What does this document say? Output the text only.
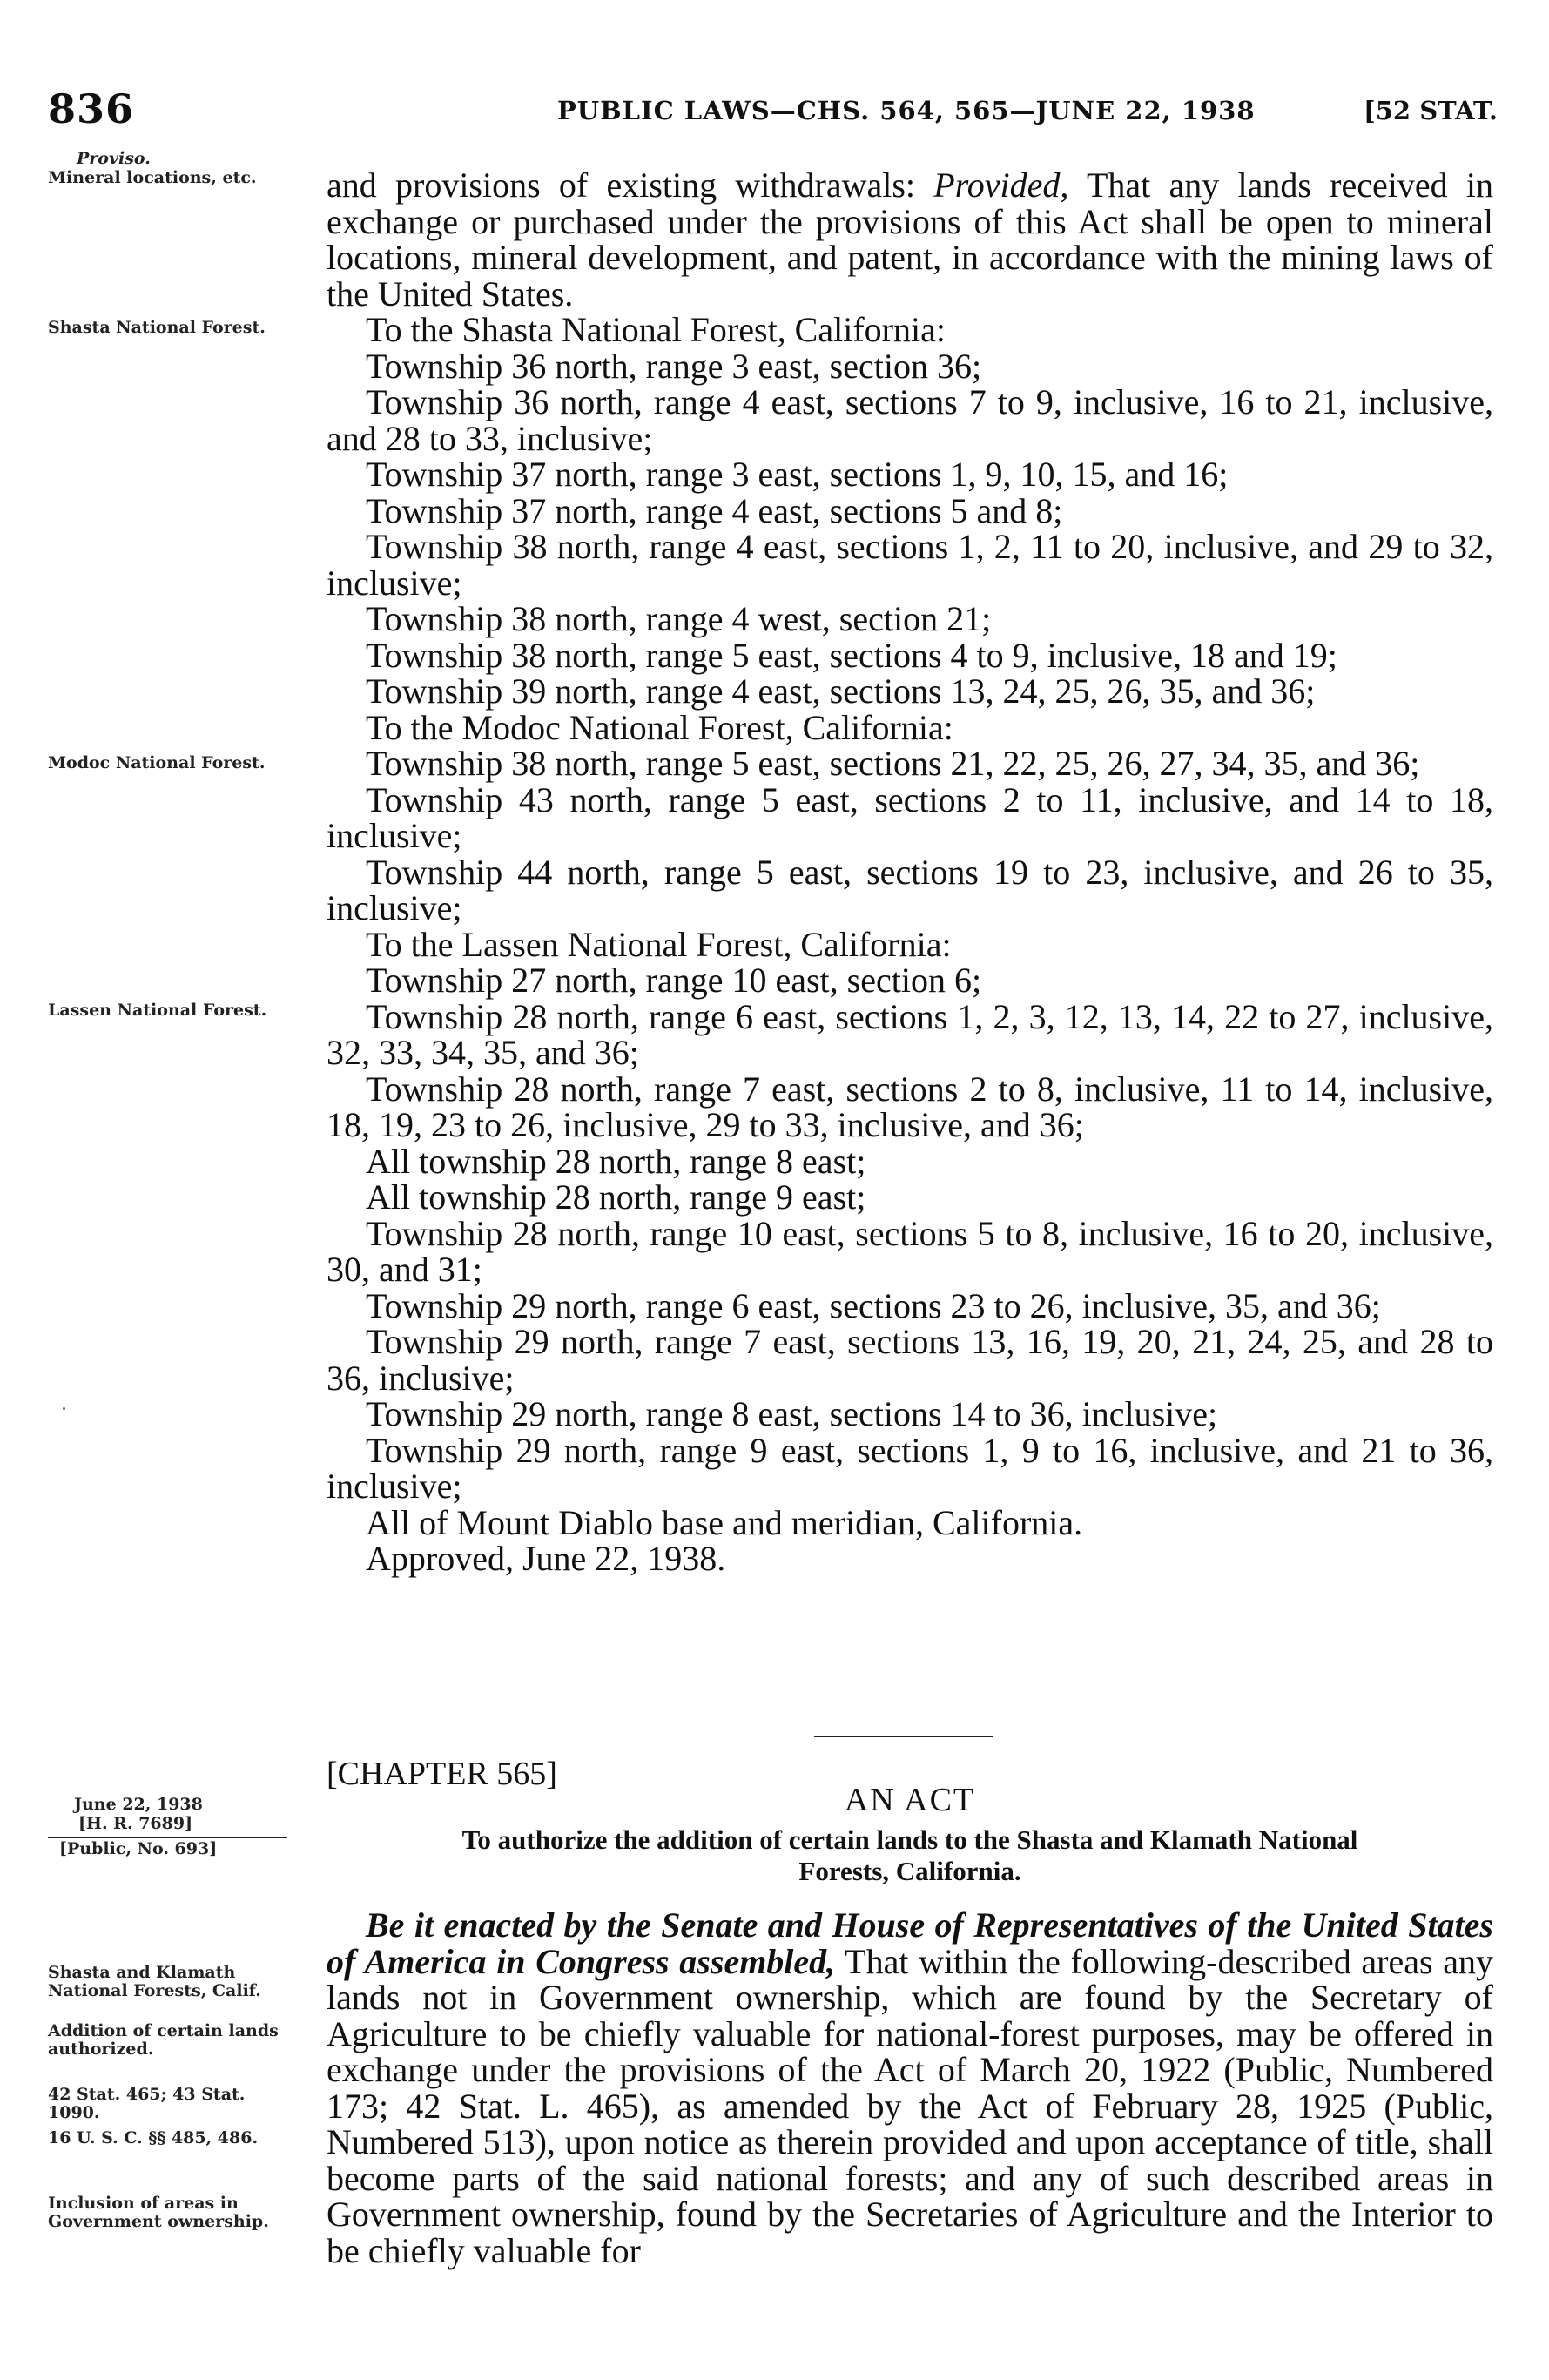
836	PUBLIC LAWS—CHS. 564, 565—JUNE 22, 1938	[52 STAT.
Proviso.
Mineral locations, etc.
Shasta National Forest.
Modoc National Forest.
Lassen National Forest.
June 22, 1938
[H. R. 7689]
[Public, No. 693]
Shasta and Klamath National Forests, Calif.
Addition of certain lands authorized.
42 Stat. 465; 43 Stat. 1090.
16 U. S. C. §§ 485, 486.
Inclusion of areas in Government ownership.

and provisions of existing withdrawals: Provided, That any lands received in exchange or purchased under the provisions of this Act shall be open to mineral locations, mineral development, and patent, in accordance with the mining laws of the United States.

To the Shasta National Forest, California:

Township 36 north, range 3 east, section 36;

Township 36 north, range 4 east, sections 7 to 9, inclusive, 16 to 21, inclusive, and 28 to 33, inclusive;

Township 37 north, range 3 east, sections 1, 9, 10, 15, and 16;

Township 37 north, range 4 east, sections 5 and 8;

Township 38 north, range 4 east, sections 1, 2, 11 to 20, inclusive, and 29 to 32, inclusive;

Township 38 north, range 4 west, section 21;

Township 38 north, range 5 east, sections 4 to 9, inclusive, 18 and 19;

Township 39 north, range 4 east, sections 13, 24, 25, 26, 35, and 36;

To the Modoc National Forest, California:

Township 38 north, range 5 east, sections 21, 22, 25, 26, 27, 34, 35, and 36;

Township 43 north, range 5 east, sections 2 to 11, inclusive, and 14 to 18, inclusive;

Township 44 north, range 5 east, sections 19 to 23, inclusive, and 26 to 35, inclusive;

To the Lassen National Forest, California:

Township 27 north, range 10 east, section 6;

Township 28 north, range 6 east, sections 1, 2, 3, 12, 13, 14, 22 to 27, inclusive, 32, 33, 34, 35, and 36;

Township 28 north, range 7 east, sections 2 to 8, inclusive, 11 to 14, inclusive, 18, 19, 23 to 26, inclusive, 29 to 33, inclusive, and 36;

All township 28 north, range 8 east;

All township 28 north, range 9 east;

Township 28 north, range 10 east, sections 5 to 8, inclusive, 16 to 20, inclusive, 30, and 31;

Township 29 north, range 6 east, sections 23 to 26, inclusive, 35, and 36;

Township 29 north, range 7 east, sections 13, 16, 19, 20, 21, 24, 25, and 28 to 36, inclusive;

Township 29 north, range 8 east, sections 14 to 36, inclusive;

Township 29 north, range 9 east, sections 1, 9 to 16, inclusive, and 21 to 36, inclusive;

All of Mount Diablo base and meridian, California.

Approved, June 22, 1938.

[CHAPTER 565]
AN ACT
To authorize the addition of certain lands to the Shasta and Klamath National
Forests, California.

Be it enacted by the Senate and House of Representatives of the United States of America in Congress assembled, That within the following-described areas any lands not in Government ownership, which are found by the Secretary of Agriculture to be chiefly valuable for national-forest purposes, may be offered in exchange under the provisions of the Act of March 20, 1922 (Public, Numbered 173; 42 Stat. L. 465), as amended by the Act of February 28, 1925 (Public, Numbered 513), upon notice as therein provided and upon acceptance of title, shall become parts of the said national forests; and any of such described areas in Government ownership, found by the Secretaries of Agriculture and the Interior to be chiefly valuable for
